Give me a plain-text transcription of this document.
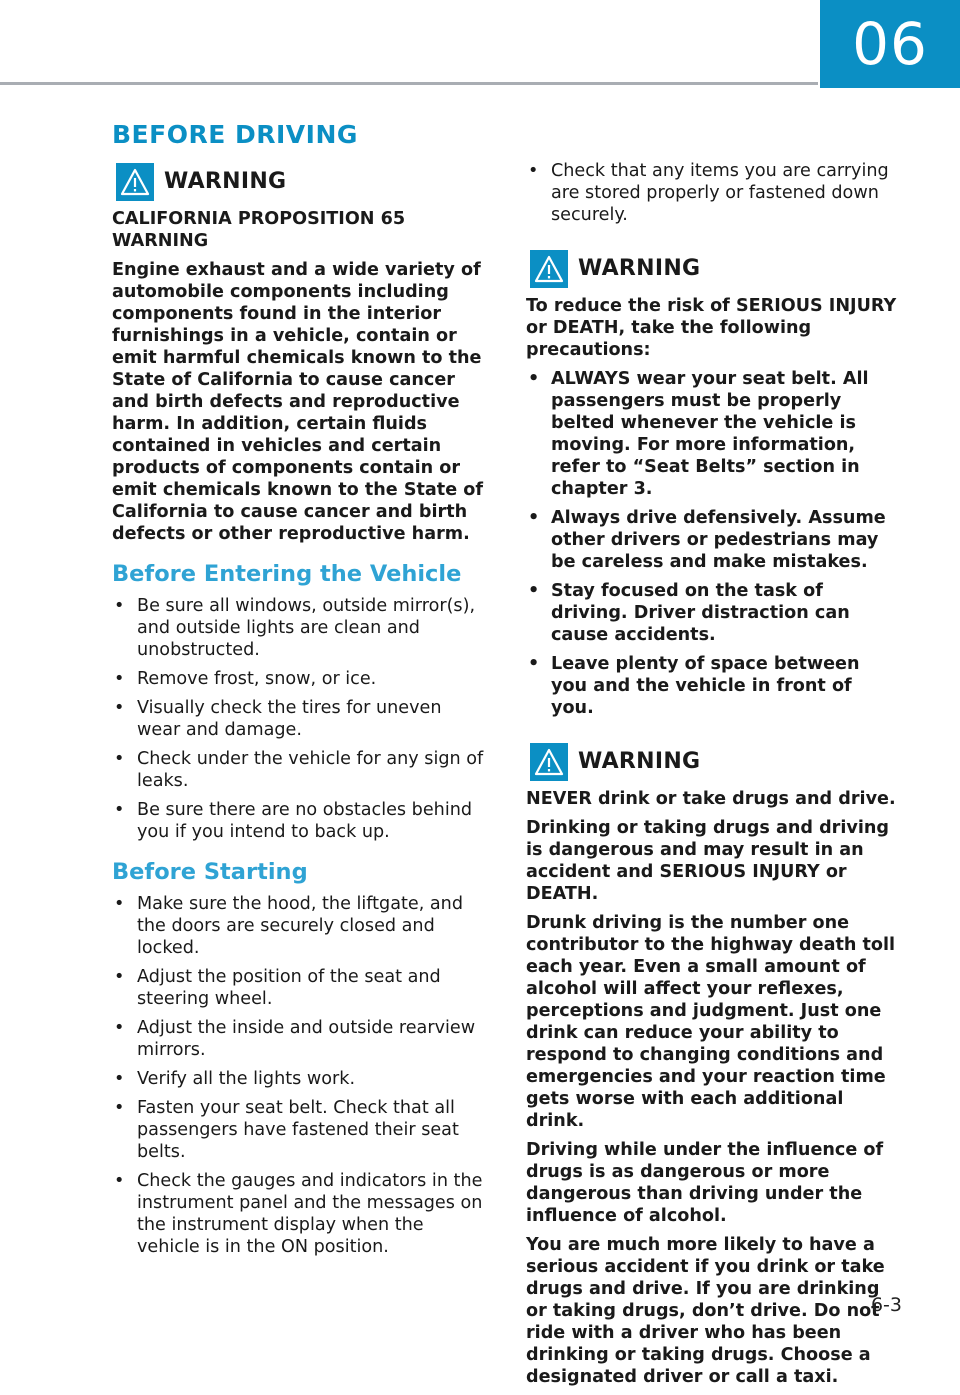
06
BEFORE DRIVING
WARNING

CALIFORNIA PROPOSITION 65 WARNING

Engine exhaust and a wide variety of automobile components including components found in the interior furnishings in a vehicle, contain or emit harmful chemicals known to the State of California to cause cancer and birth defects and reproductive harm. In addition, certain fluids contained in vehicles and certain products of components contain or emit chemicals known to the State of California to cause cancer and birth defects or other reproductive harm.

Before Entering the Vehicle
• Be sure all windows, outside mirror(s), and outside lights are clean and unobstructed.
• Remove frost, snow, or ice.
• Visually check the tires for uneven wear and damage.
• Check under the vehicle for any sign of leaks.
• Be sure there are no obstacles behind you if you intend to back up.
Before Starting
• Make sure the hood, the liftgate, and the doors are securely closed and locked.
• Adjust the position of the seat and steering wheel.
• Adjust the inside and outside rearview mirrors.
• Verify all the lights work.
• Fasten your seat belt. Check that all passengers have fastened their seat belts.
• Check the gauges and indicators in the instrument panel and the messages on the instrument display when the vehicle is in the ON position.
• Check that any items you are carrying are stored properly or fastened down securely.
WARNING

To reduce the risk of SERIOUS INJURY or DEATH, take the following precautions:

• ALWAYS wear your seat belt. All passengers must be properly belted whenever the vehicle is moving. For more information, refer to “Seat Belts” section in chapter 3.
• Always drive defensively. Assume other drivers or pedestrians may be careless and make mistakes.
• Stay focused on the task of driving. Driver distraction can cause accidents.
• Leave plenty of space between you and the vehicle in front of you.
WARNING

NEVER drink or take drugs and drive.

Drinking or taking drugs and driving is dangerous and may result in an accident and SERIOUS INJURY or DEATH.

Drunk driving is the number one contributor to the highway death toll each year. Even a small amount of alcohol will affect your reflexes, perceptions and judgment. Just one drink can reduce your ability to respond to changing conditions and emergencies and your reaction time gets worse with each additional drink.

Driving while under the influence of drugs is as dangerous or more dangerous than driving under the influence of alcohol.

You are much more likely to have a serious accident if you drink or take drugs and drive. If you are drinking or taking drugs, don’t drive. Do not ride with a driver who has been drinking or taking drugs. Choose a designated driver or call a taxi.

6-3
